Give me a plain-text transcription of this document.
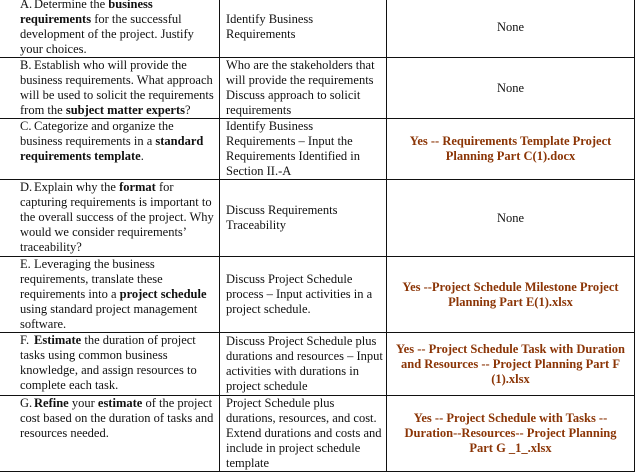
A. Determine the business requirements for the successful development of the project. Justify your choices.	Identify Business Requirements	None
B. Establish who will provide the business requirements. What approach will be used to solicit the requirements from the subject matter experts?	Who are the stakeholders that will provide the requirements Discuss approach to solicit requirements	None
C. Categorize and organize the business requirements in a standard requirements template.	Identify Business Requirements – Input the Requirements Identified in Section II.-A	Yes -- Requirements Template Project Planning Part C(1).docx
D. Explain why the format for capturing requirements is important to the overall success of the project. Why would we consider requirements’ traceability?	Discuss Requirements Traceability	None
E. Leveraging the business requirements, translate these requirements into a project schedule using standard project management software.	Discuss Project Schedule process – Input activities in a project schedule.	Yes --Project Schedule Milestone Project Planning Part E(1).xlsx
F. Estimate the duration of project tasks using common business knowledge, and assign resources to complete each task.	Discuss Project Schedule plus durations and resources – Input activities with durations in project schedule	Yes -- Project Schedule Task with Duration and Resources -- Project Planning Part F (1).xlsx
G. Refine your estimate of the project cost based on the duration of tasks and resources needed.	Project Schedule plus durations, resources, and cost. Extend durations and costs and include in project schedule template	Yes -- Project Schedule with Tasks -- Duration--Resources-- Project Planning Part G _1_.xlsx
